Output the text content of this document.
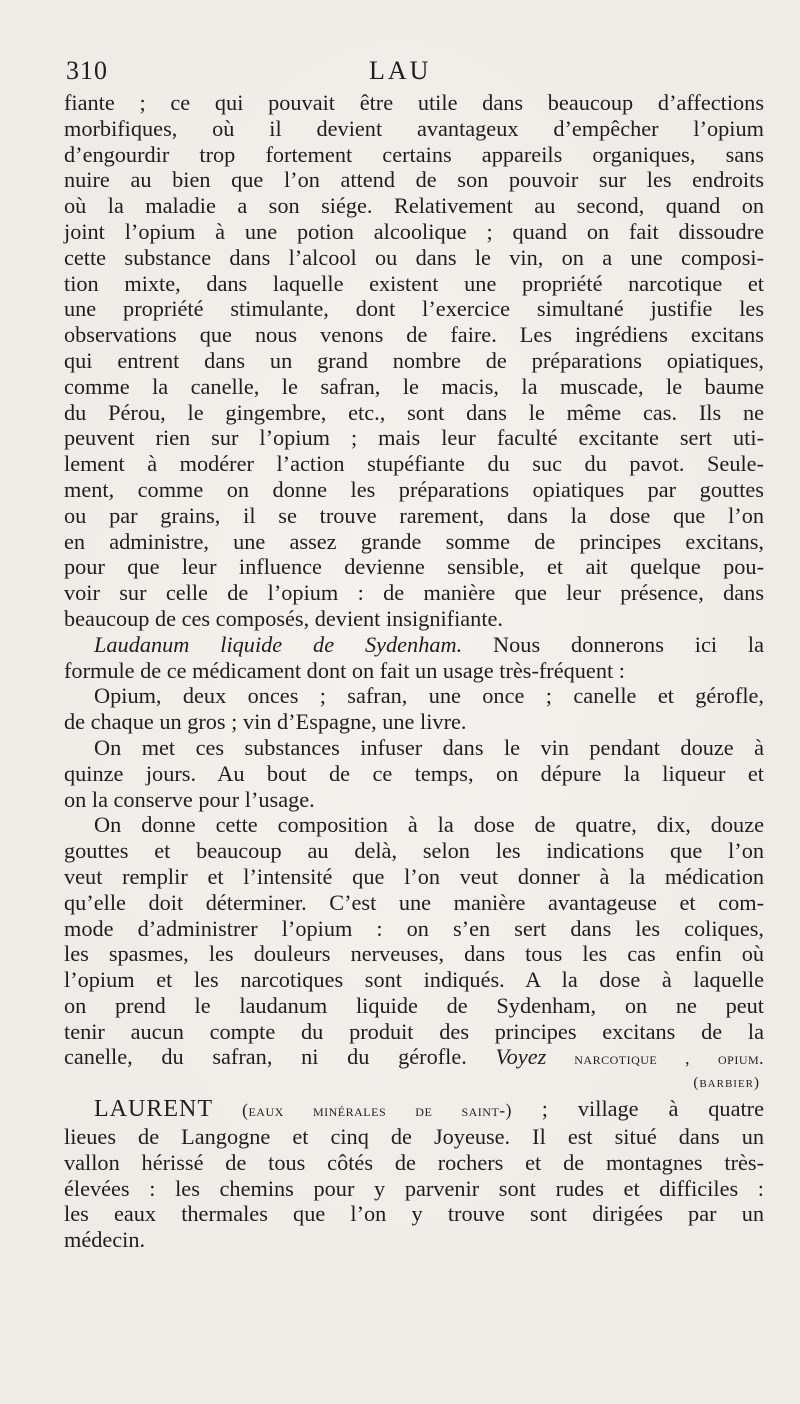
310	LAU

fiante ; ce qui pouvait être utile dans beaucoup d’affections
morbifiques, où il devient avantageux d’empêcher l’opium
d’engourdir trop fortement certains appareils organiques, sans
nuire au bien que l’on attend de son pouvoir sur les endroits
où la maladie a son siége. Relativement au second, quand on
joint l’opium à une potion alcoolique ; quand on fait dissoudre
cette substance dans l’alcool ou dans le vin, on a une composi-
tion mixte, dans laquelle existent une propriété narcotique et
une propriété stimulante, dont l’exercice simultané justifie les
observations que nous venons de faire. Les ingrédiens excitans
qui entrent dans un grand nombre de préparations opiatiques,
comme la canelle, le safran, le macis, la muscade, le baume
du Pérou, le gingembre, etc., sont dans le même cas. Ils ne
peuvent rien sur l’opium ; mais leur faculté excitante sert uti-
lement à modérer l’action stupéfiante du suc du pavot. Seule-
ment, comme on donne les préparations opiatiques par gouttes
ou par grains, il se trouve rarement, dans la dose que l’on
en administre, une assez grande somme de principes excitans,
pour que leur influence devienne sensible, et ait quelque pou-
voir sur celle de l’opium : de manière que leur présence, dans
beaucoup de ces composés, devient insignifiante.

Laudanum liquide de Sydenham. Nous donnerons ici la
formule de ce médicament dont on fait un usage très-fréquent :

Opium, deux onces ; safran, une once ; canelle et gérofle,
de chaque un gros ; vin d’Espagne, une livre.

On met ces substances infuser dans le vin pendant douze à
quinze jours. Au bout de ce temps, on dépure la liqueur et
on la conserve pour l’usage.

On donne cette composition à la dose de quatre, dix, douze
gouttes et beaucoup au delà, selon les indications que l’on
veut remplir et l’intensité que l’on veut donner à la médication
qu’elle doit déterminer. C’est une manière avantageuse et com-
mode d’administrer l’opium : on s’en sert dans les coliques,
les spasmes, les douleurs nerveuses, dans tous les cas enfin où
l’opium et les narcotiques sont indiqués. A la dose à laquelle
on prend le laudanum liquide de Sydenham, on ne peut
tenir aucun compte du produit des principes excitans de la
canelle, du safran, ni du gérofle. Voyez narcotique , opium.

(barbier)

LAURENT (eaux minérales de saint-) ; village à quatre
lieues de Langogne et cinq de Joyeuse. Il est situé dans un
vallon hérissé de tous côtés de rochers et de montagnes très-
élevées : les chemins pour y parvenir sont rudes et difficiles :
les eaux thermales que l’on y trouve sont dirigées par un
médecin.
